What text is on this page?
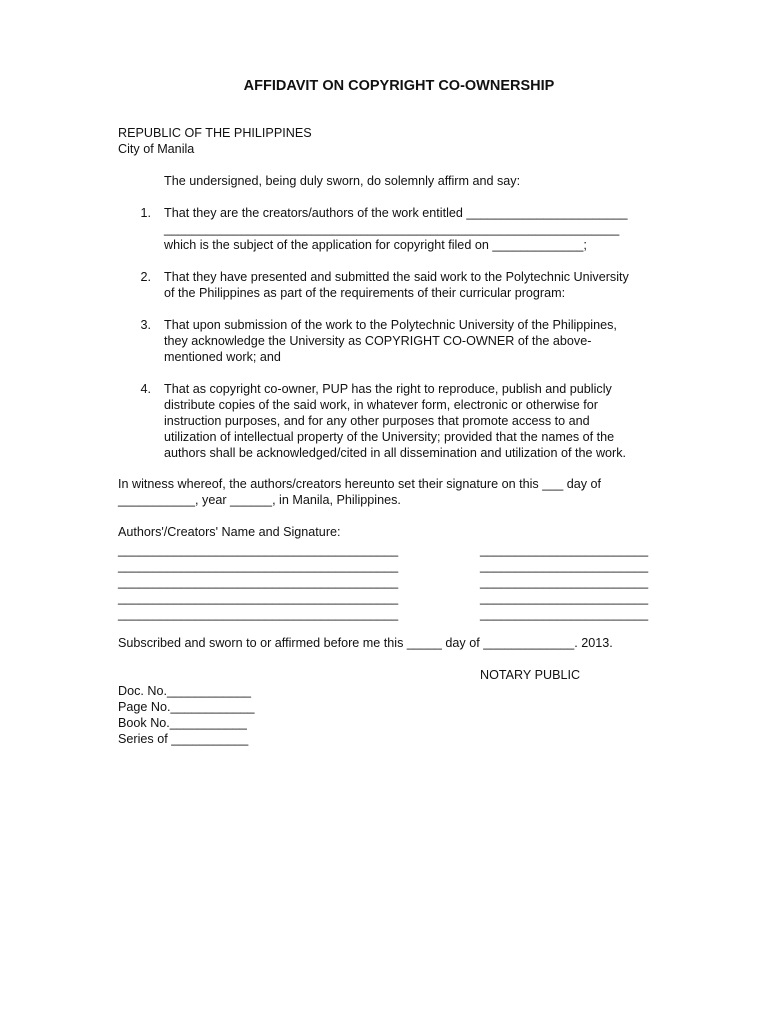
AFFIDAVIT ON COPYRIGHT CO-OWNERSHIP
REPUBLIC OF THE PHILIPPINES
City of Manila
The undersigned, being duly sworn, do solemnly affirm and say:
1. That they are the creators/authors of the work entitled _______________________
_________________________________________________________________
which is the subject of the application for copyright filed on _____________;
2. That they have presented and submitted the said work to the Polytechnic University
of the Philippines as part of the requirements of their curricular program:
3. That upon submission of the work to the Polytechnic University of the Philippines,
they acknowledge the University as COPYRIGHT CO-OWNER of the above-
mentioned work; and
4. That as copyright co-owner, PUP has the right to reproduce, publish and publicly
distribute copies of the said work, in whatever form, electronic or otherwise for
instruction purposes, and for any other purposes that promote access to and
utilization of intellectual property of the University; provided that the names of the
authors shall be acknowledged/cited in all dissemination and utilization of the work.
In witness whereof, the authors/creators hereunto set their signature on this ___ day of
___________, year ______, in Manila, Philippines.
Authors'/Creators' Name and Signature:
________________________________________
________________________________________
________________________________________
________________________________________
________________________________________
________________________
________________________
________________________
________________________
________________________
Subscribed and sworn to or affirmed before me this _____ day of _____________. 2013.
NOTARY PUBLIC
Doc. No.____________
Page No.____________
Book No.___________
Series of ___________
